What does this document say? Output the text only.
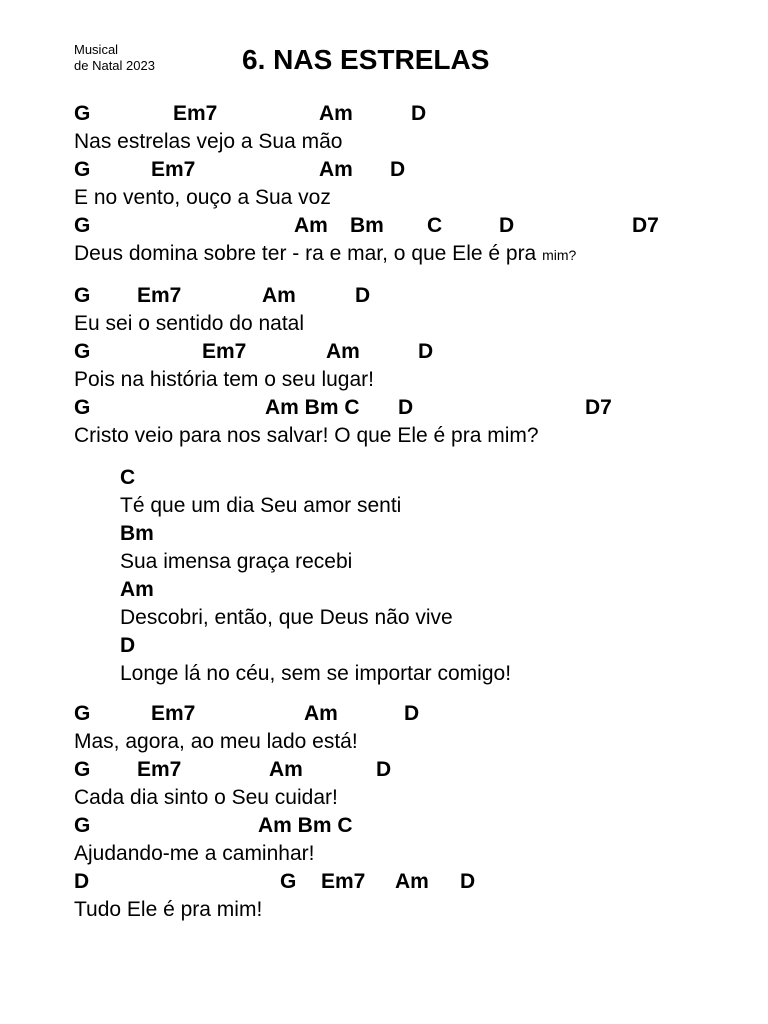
Musical
de Natal 2023	6. NAS ESTRELAS
G	Em7	Am	D
Nas estrelas vejo a Sua mão
G	Em7	Am D
E no vento, ouço a Sua voz
G	Am Bm C	D	D7
Deus domina sobre ter - ra e mar, o que Ele é pra mim?
G Em7	Am	D
Eu sei o sentido do natal
G	Em7	Am	D
Pois na história tem o seu lugar!
G	Am Bm C D	D7
Cristo veio para nos salvar! O que Ele é pra mim?
C
Té que um dia Seu amor senti
Bm
Sua imensa graça recebi
Am
Descobri, então, que Deus não vive
D
Longe lá no céu, sem se importar comigo!
G	Em7	Am	D
Mas, agora, ao meu lado está!
G Em7	Am	D
Cada dia sinto o Seu cuidar!
G	Am Bm C
Ajudando-me a caminhar!
D	G Em7 Am D
Tudo Ele é pra mim!
